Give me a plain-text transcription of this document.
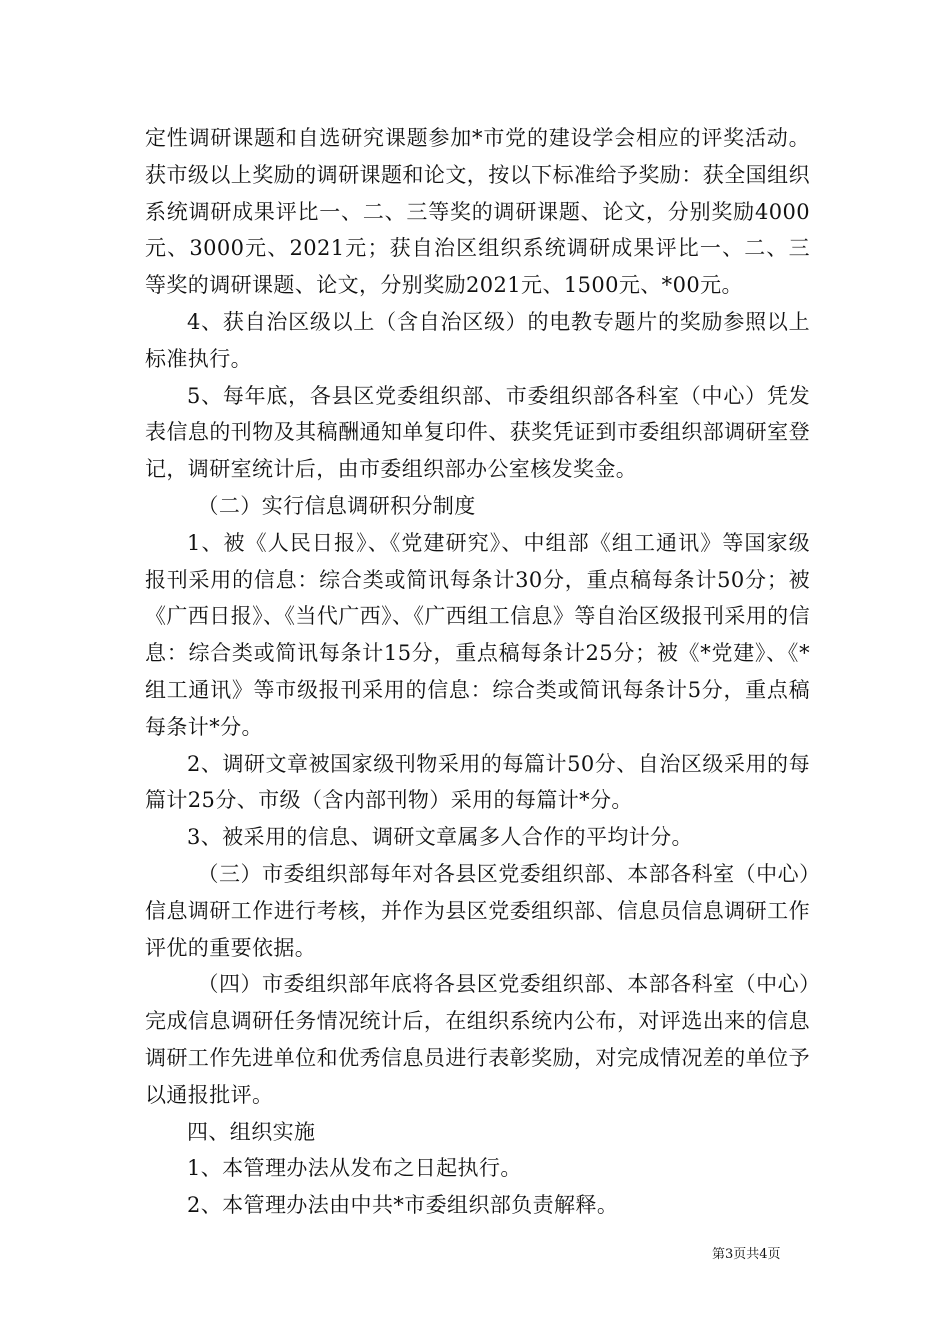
定性调研课题和自选研究课题参加*市党的建设学会相应的评奖活动。获市级以上奖励的调研课题和论文，按以下标准给予奖励：获全国组织系统调研成果评比一、二、三等奖的调研课题、论文，分别奖励4000元、3000元、2021元；获自治区组织系统调研成果评比一、二、三等奖的调研课题、论文，分别奖励2021元、1500元、*00元。

4、获自治区级以上（含自治区级）的电教专题片的奖励参照以上标准执行。

5、每年底，各县区党委组织部、市委组织部各科室（中心）凭发表信息的刊物及其稿酬通知单复印件、获奖凭证到市委组织部调研室登记，调研室统计后，由市委组织部办公室核发奖金。

（二）实行信息调研积分制度

1、被《人民日报》、《党建研究》、中组部《组工通讯》等国家级报刊采用的信息：综合类或简讯每条计30分，重点稿每条计50分；被《广西日报》、《当代广西》、《广西组工信息》等自治区级报刊采用的信息：综合类或简讯每条计15分，重点稿每条计25分；被《*党建》、《*组工通讯》等市级报刊采用的信息：综合类或简讯每条计5分，重点稿每条计*分。

2、调研文章被国家级刊物采用的每篇计50分、自治区级采用的每篇计25分、市级（含内部刊物）采用的每篇计*分。

3、被采用的信息、调研文章属多人合作的平均计分。

（三）市委组织部每年对各县区党委组织部、本部各科室（中心）信息调研工作进行考核，并作为县区党委组织部、信息员信息调研工作评优的重要依据。

（四）市委组织部年底将各县区党委组织部、本部各科室（中心）完成信息调研任务情况统计后，在组织系统内公布，对评选出来的信息调研工作先进单位和优秀信息员进行表彰奖励，对完成情况差的单位予以通报批评。

四、组织实施

1、本管理办法从发布之日起执行。

2、本管理办法由中共*市委组织部负责解释。

第3页共4页
